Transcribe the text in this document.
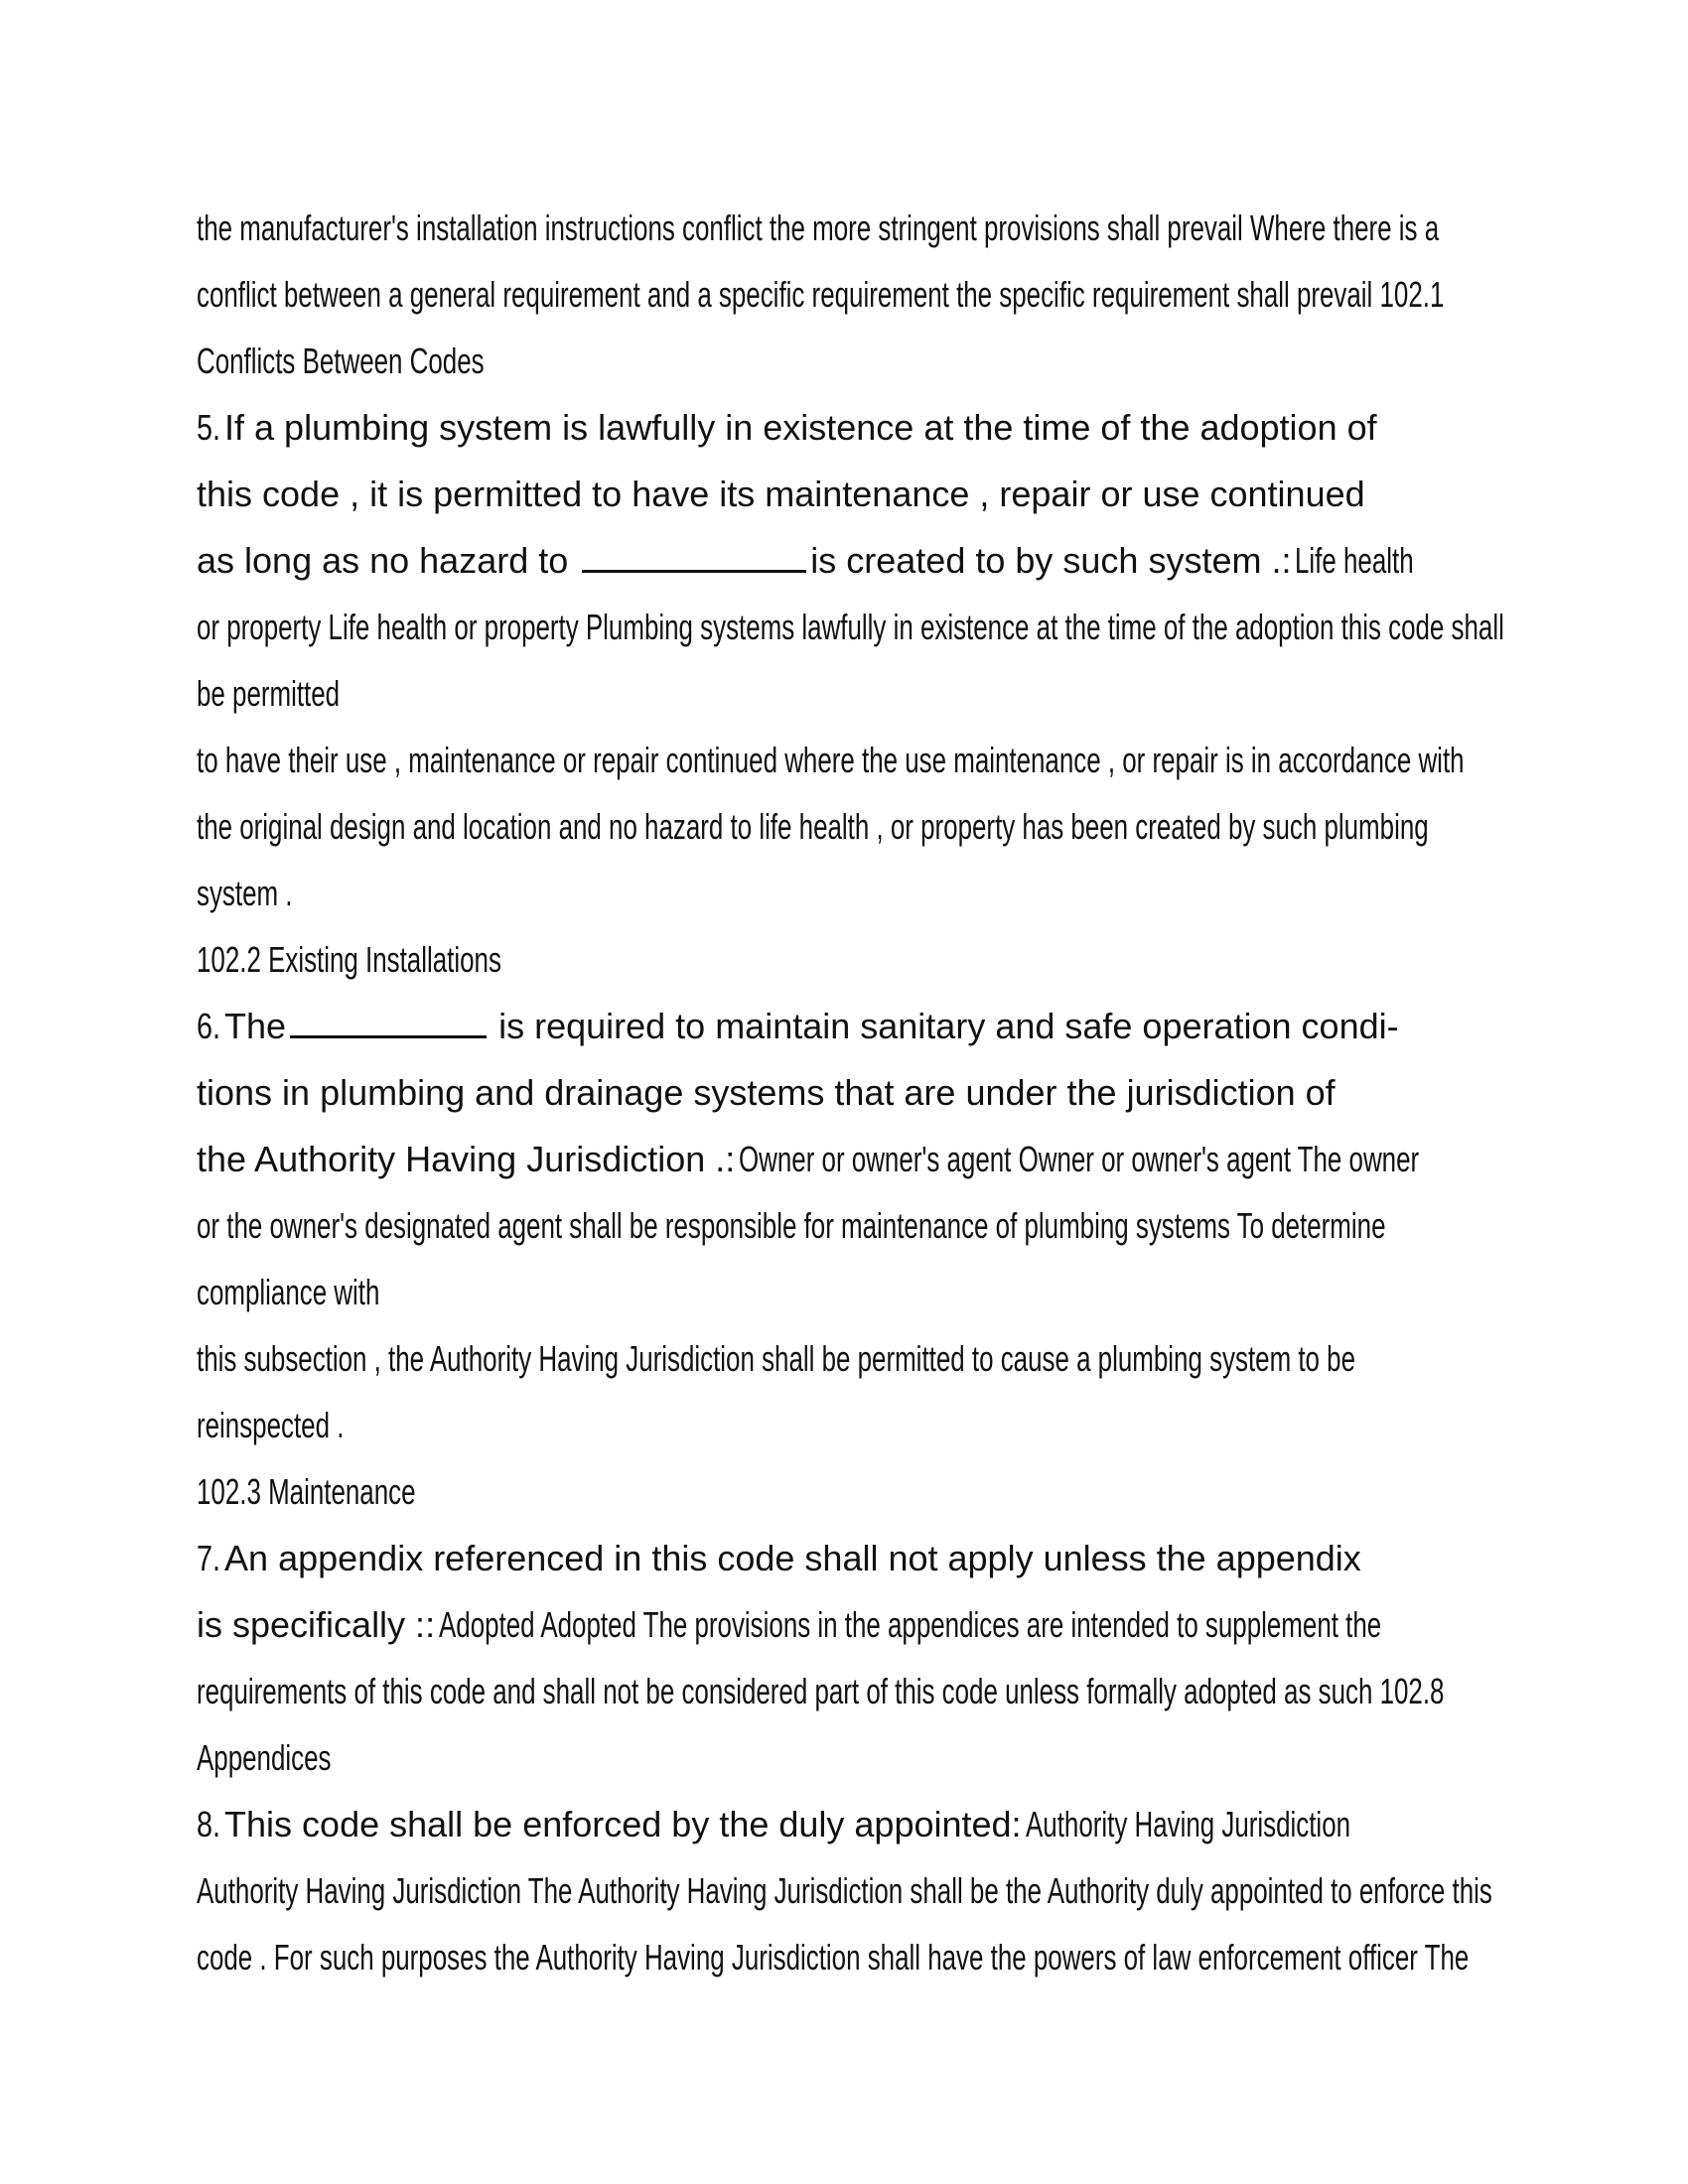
the manufacturer's installation instructions conflict the more stringent provisions shall prevail Where there is a
conflict between a general requirement and a specific requirement the specific requirement shall prevail 102.1
Conflicts Between Codes
5. If a plumbing system is lawfully in existence at the time of the adoption of
this code , it is permitted to have its maintenance , repair or use continued
as long as no hazard to	is created to by such system .: Life health
or property Life health or property Plumbing systems lawfully in existence at the time of the adoption this code shall
be permitted
to have their use , maintenance or repair continued where the use maintenance , or repair is in accordance with
the original design and location and no hazard to life health , or property has been created by such plumbing
system .
102.2 Existing Installations
6. The	is required to maintain sanitary and safe operation condi-
tions in plumbing and drainage systems that are under the jurisdiction of
the Authority Having Jurisdiction .: Owner or owner's agent Owner or owner's agent The owner
or the owner's designated agent shall be responsible for maintenance of plumbing systems To determine
compliance with
this subsection , the Authority Having Jurisdiction shall be permitted to cause a plumbing system to be
reinspected .
102.3 Maintenance
7. An appendix referenced in this code shall not apply unless the appendix
is specifically :: Adopted Adopted The provisions in the appendices are intended to supplement the
requirements of this code and shall not be considered part of this code unless formally adopted as such 102.8
Appendices
8. This code shall be enforced by the duly appointed: Authority Having Jurisdiction
Authority Having Jurisdiction The Authority Having Jurisdiction shall be the Authority duly appointed to enforce this
code . For such purposes the Authority Having Jurisdiction shall have the powers of law enforcement officer The
